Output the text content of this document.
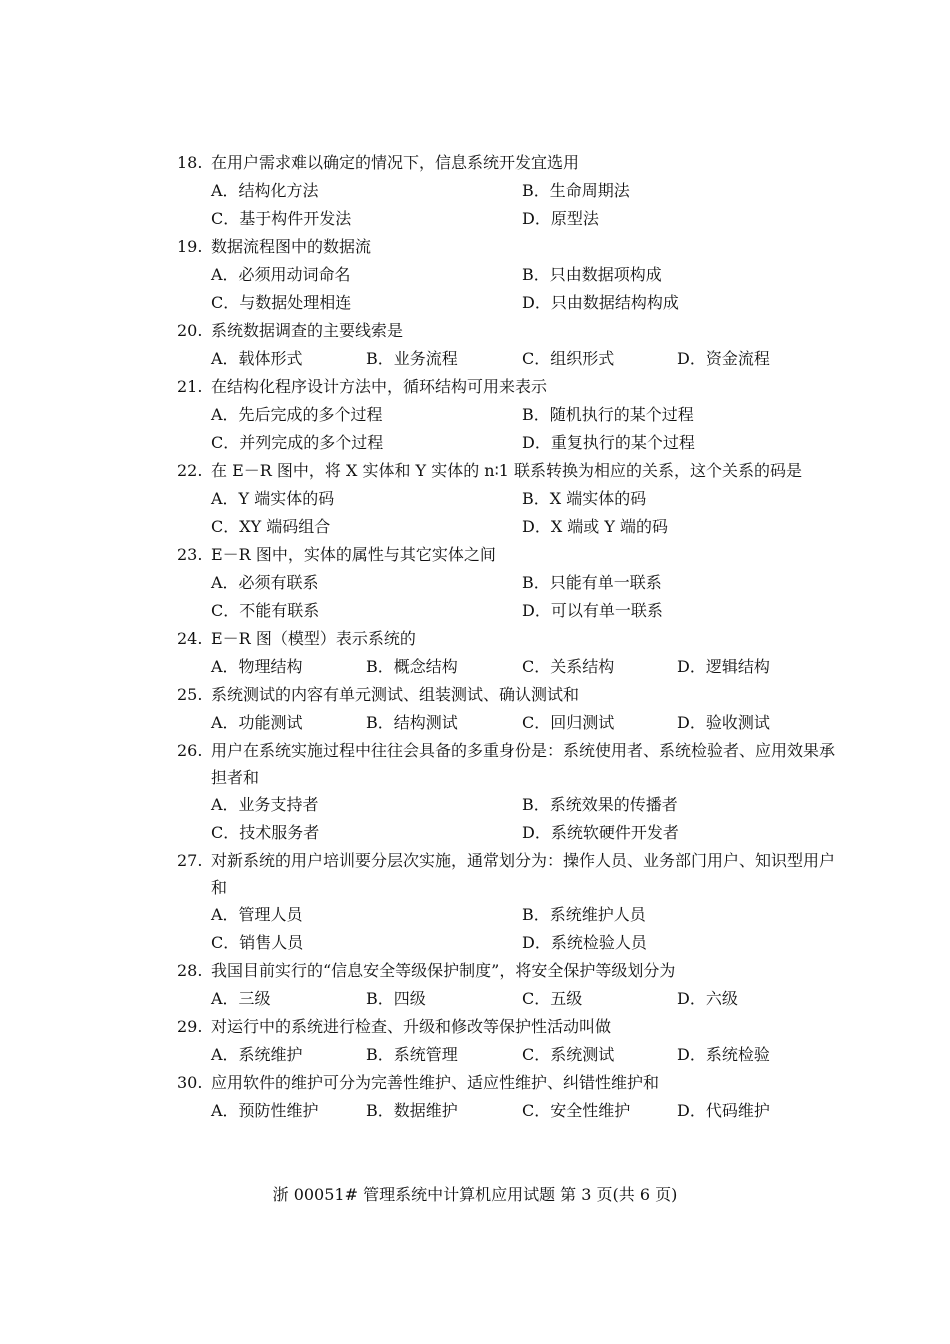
18. 在用户需求难以确定的情况下，信息系统开发宜选用
A．结构化方法	B．生命周期法
C．基于构件开发法	D．原型法
19. 数据流程图中的数据流
A．必须用动词命名	B．只由数据项构成
C．与数据处理相连	D．只由数据结构构成
20. 系统数据调查的主要线索是
A．载体形式	B．业务流程	C．组织形式	D．资金流程
21. 在结构化程序设计方法中，循环结构可用来表示
A．先后完成的多个过程	B．随机执行的某个过程
C．并列完成的多个过程	D．重复执行的某个过程
22. 在 E－R 图中，将 X 实体和 Y 实体的 n∶1 联系转换为相应的关系，这个关系的码是
A．Y 端实体的码	B．X 端实体的码
C．XY 端码组合	D．X 端或 Y 端的码
23. E－R 图中，实体的属性与其它实体之间
A．必须有联系	B．只能有单一联系
C．不能有联系	D．可以有单一联系
24. E－R 图（模型）表示系统的
A．物理结构	B．概念结构	C．关系结构	D．逻辑结构
25. 系统测试的内容有单元测试、组装测试、确认测试和
A．功能测试	B．结构测试	C．回归测试	D．验收测试
26. 用户在系统实施过程中往往会具备的多重身份是：系统使用者、系统检验者、应用效果承担者和
A．业务支持者	B．系统效果的传播者
C．技术服务者	D．系统软硬件开发者
27. 对新系统的用户培训要分层次实施，通常划分为：操作人员、业务部门用户、知识型用户和
A．管理人员	B．系统维护人员
C．销售人员	D．系统检验人员
28. 我国目前实行的“信息安全等级保护制度”，将安全保护等级划分为
A．三级	B．四级	C．五级	D．六级
29. 对运行中的系统进行检查、升级和修改等保护性活动叫做
A．系统维护	B．系统管理	C．系统测试	D．系统检验
30. 应用软件的维护可分为完善性维护、适应性维护、纠错性维护和
A．预防性维护	B．数据维护	C．安全性维护	D．代码维护
浙 00051# 管理系统中计算机应用试题 第 3 页(共 6 页)
